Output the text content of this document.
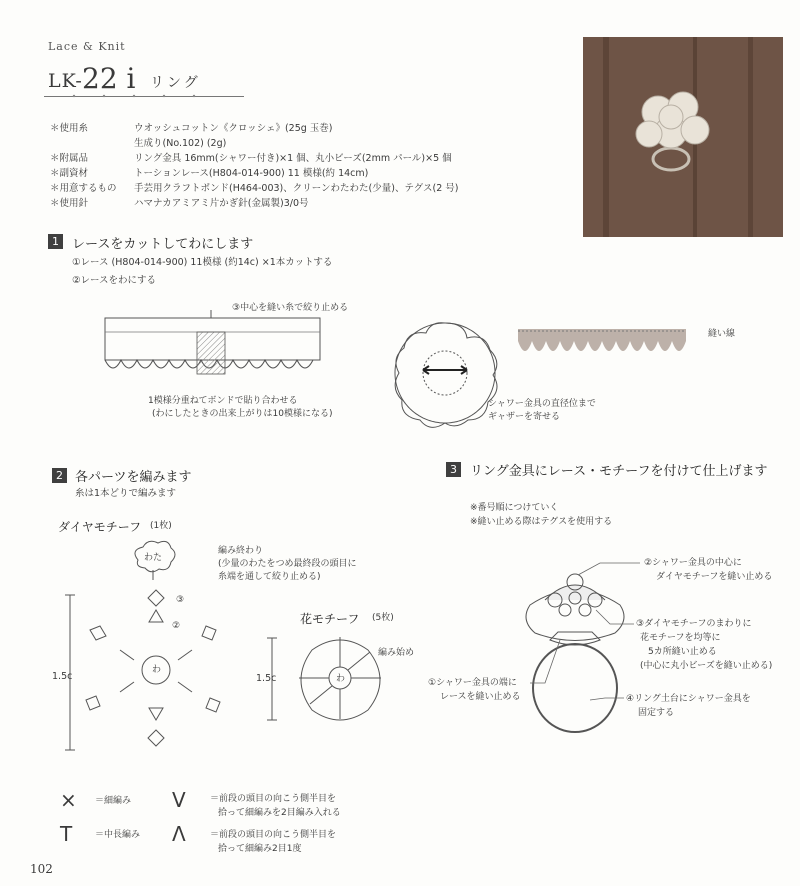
Lace & Knit
LK- 22 i リング
＊使用糸	ウオッシュコットン《クロッシェ》(25g 玉巻)
生成り(No.102) (2g)
＊附属品	リング金具 16mm(シャワー付き)×1 個、丸小ビーズ(2mm パール)×5 個
＊副資材	トーションレース(H804-014-900) 11 模様(約 14cm)
＊用意するもの	手芸用クラフトボンド(H464-003)、クリーンわたわた(少量)、テグス(2 号)
＊使用針	ハマナカアミアミ片かぎ針(金属製)3/0号
1	レースをカットしてわにします
①レース (H804-014-900) 11模様 (約14c) ×1本カットする
②レースをわにする
③中心を縫い糸で絞り止める
1模様分重ねてボンドで貼り合わせる
(わにしたときの出来上がりは10模様になる)
シャワー金具の直径位まで
ギャザーを寄せる
縫い線
2 各パーツを編みます
糸は1本どりで編みます
ダイヤモチーフ (1枚)
わた
編み終わり
(少量のわたをつめ最終段の頭目に
糸端を通して絞り止める)
1.5c
わ
③
②	花モチーフ (5枚)
編み始め
1.5c	わ
3	リング金具にレース・モチーフを付けて仕上げます
※番号順につけていく
※縫い止める際はテグスを使用する
②シャワー金具の中心に
ダイヤモチーフを縫い止める
③ダイヤモチーフのまわりに
花モチーフを均等に
5カ所縫い止める
(中心に丸小ビーズを縫い止める)
①シャワー金具の端に
レースを縫い止める	④リング土台にシャワー金具を
固定する
× ＝細編み V	＝前段の頭目の向こう側半目を
拾って細編みを2目編み入れる
T	＝中長編み Λ	＝前段の頭目の向こう側半目を
拾って細編み2目1度
102
